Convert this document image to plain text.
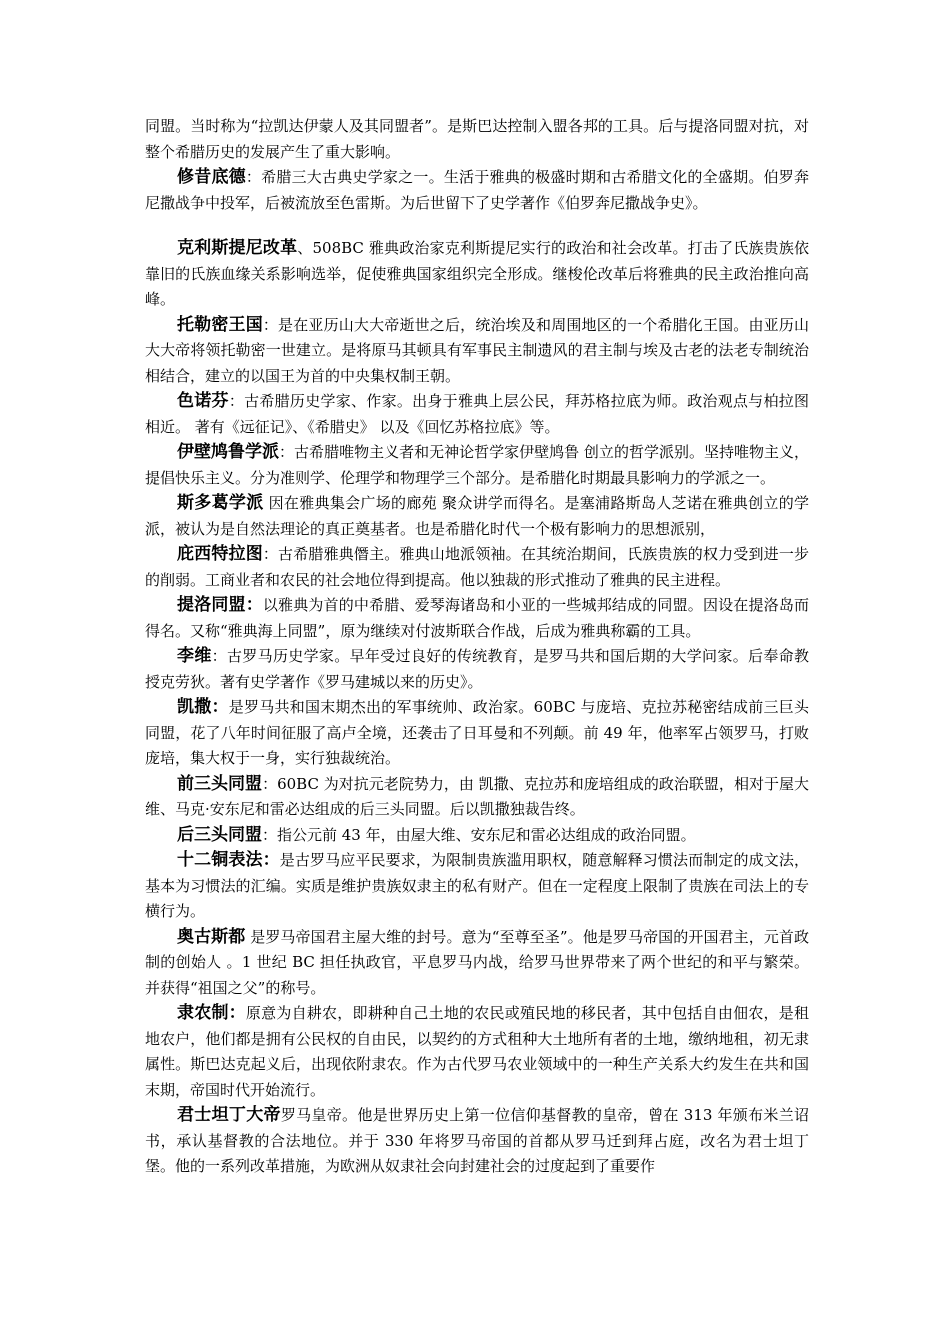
同盟。当时称为“拉凯达伊蒙人及其同盟者”。是斯巴达控制入盟各邦的工具。后与提洛同盟对抗，对整个希腊历史的发展产生了重大影响。

修昔底德：希腊三大古典史学家之一。生活于雅典的极盛时期和古希腊文化的全盛期。伯罗奔尼撒战争中投军，后被流放至色雷斯。为后世留下了史学著作《伯罗奔尼撒战争史》。

克利斯提尼改革、508BC 雅典政治家克利斯提尼实行的政治和社会改革。打击了氏族贵族依靠旧的氏族血缘关系影响选举，促使雅典国家组织完全形成。继梭伦改革后将雅典的民主政治推向高峰。

托勒密王国：是在亚历山大大帝逝世之后，统治埃及和周围地区的一个希腊化王国。由亚历山大大帝将领托勒密一世建立。是将原马其顿具有军事民主制遗风的君主制与埃及古老的法老专制统治相结合，建立的以国王为首的中央集权制王朝。

色诺芬：古希腊历史学家、作家。出身于雅典上层公民，拜苏格拉底为师。政治观点与柏拉图相近。 著有《远征记》、《希腊史》 以及《回忆苏格拉底》等。

伊壁鸠鲁学派：古希腊唯物主义者和无神论哲学家伊壁鸠鲁 创立的哲学派别。坚持唯物主义，提倡快乐主义。分为准则学、伦理学和物理学三个部分。是希腊化时期最具影响力的学派之一。

斯多葛学派 因在雅典集会广场的廊苑 聚众讲学而得名。是塞浦路斯岛人芝诺在雅典创立的学派，被认为是自然法理论的真正奠基者。也是希腊化时代一个极有影响力的思想派别，

庇西特拉图：古希腊雅典僭主。雅典山地派领袖。在其统治期间，氏族贵族的权力受到进一步的削弱。工商业者和农民的社会地位得到提高。他以独裁的形式推动了雅典的民主进程。

提洛同盟：以雅典为首的中希腊、爱琴海诸岛和小亚的一些城邦结成的同盟。因设在提洛岛而得名。又称“雅典海上同盟”，原为继续对付波斯联合作战，后成为雅典称霸的工具。

李维：古罗马历史学家。早年受过良好的传统教育，是罗马共和国后期的大学问家。后奉命教授克劳狄。著有史学著作《罗马建城以来的历史》。

凯撒：是罗马共和国末期杰出的军事统帅、政治家。60BC 与庞培、克拉苏秘密结成前三巨头同盟，花了八年时间征服了高卢全境，还袭击了日耳曼和不列颠。前 49 年，他率军占领罗马，打败庞培，集大权于一身，实行独裁统治。

前三头同盟：60BC 为对抗元老院势力，由 凯撒、克拉苏和庞培组成的政治联盟，相对于屋大维、马克·安东尼和雷必达组成的后三头同盟。后以凯撒独裁告终。

后三头同盟：指公元前 43 年，由屋大维、安东尼和雷必达组成的政治同盟。

十二铜表法：是古罗马应平民要求，为限制贵族滥用职权，随意解释习惯法而制定的成文法，基本为习惯法的汇编。实质是维护贵族奴隶主的私有财产。但在一定程度上限制了贵族在司法上的专横行为。

奥古斯都 是罗马帝国君主屋大维的封号。意为“至尊至圣”。他是罗马帝国的开国君主，元首政制的创始人 。1 世纪 BC 担任执政官，平息罗马内战，给罗马世界带来了两个世纪的和平与繁荣。并获得“祖国之父”的称号。

隶农制：原意为自耕农，即耕种自己土地的农民或殖民地的移民者，其中包括自由佃农，是租地农户，他们都是拥有公民权的自由民，以契约的方式租种大土地所有者的土地，缴纳地租，初无隶属性。斯巴达克起义后，出现依附隶农。作为古代罗马农业领域中的一种生产关系大约发生在共和国末期，帝国时代开始流行。

君士坦丁大帝罗马皇帝。他是世界历史上第一位信仰基督教的皇帝，曾在 313 年颁布米兰诏书，承认基督教的合法地位。并于 330 年将罗马帝国的首都从罗马迁到拜占庭，改名为君士坦丁堡。他的一系列改革措施，为欧洲从奴隶社会向封建社会的过度起到了重要作
